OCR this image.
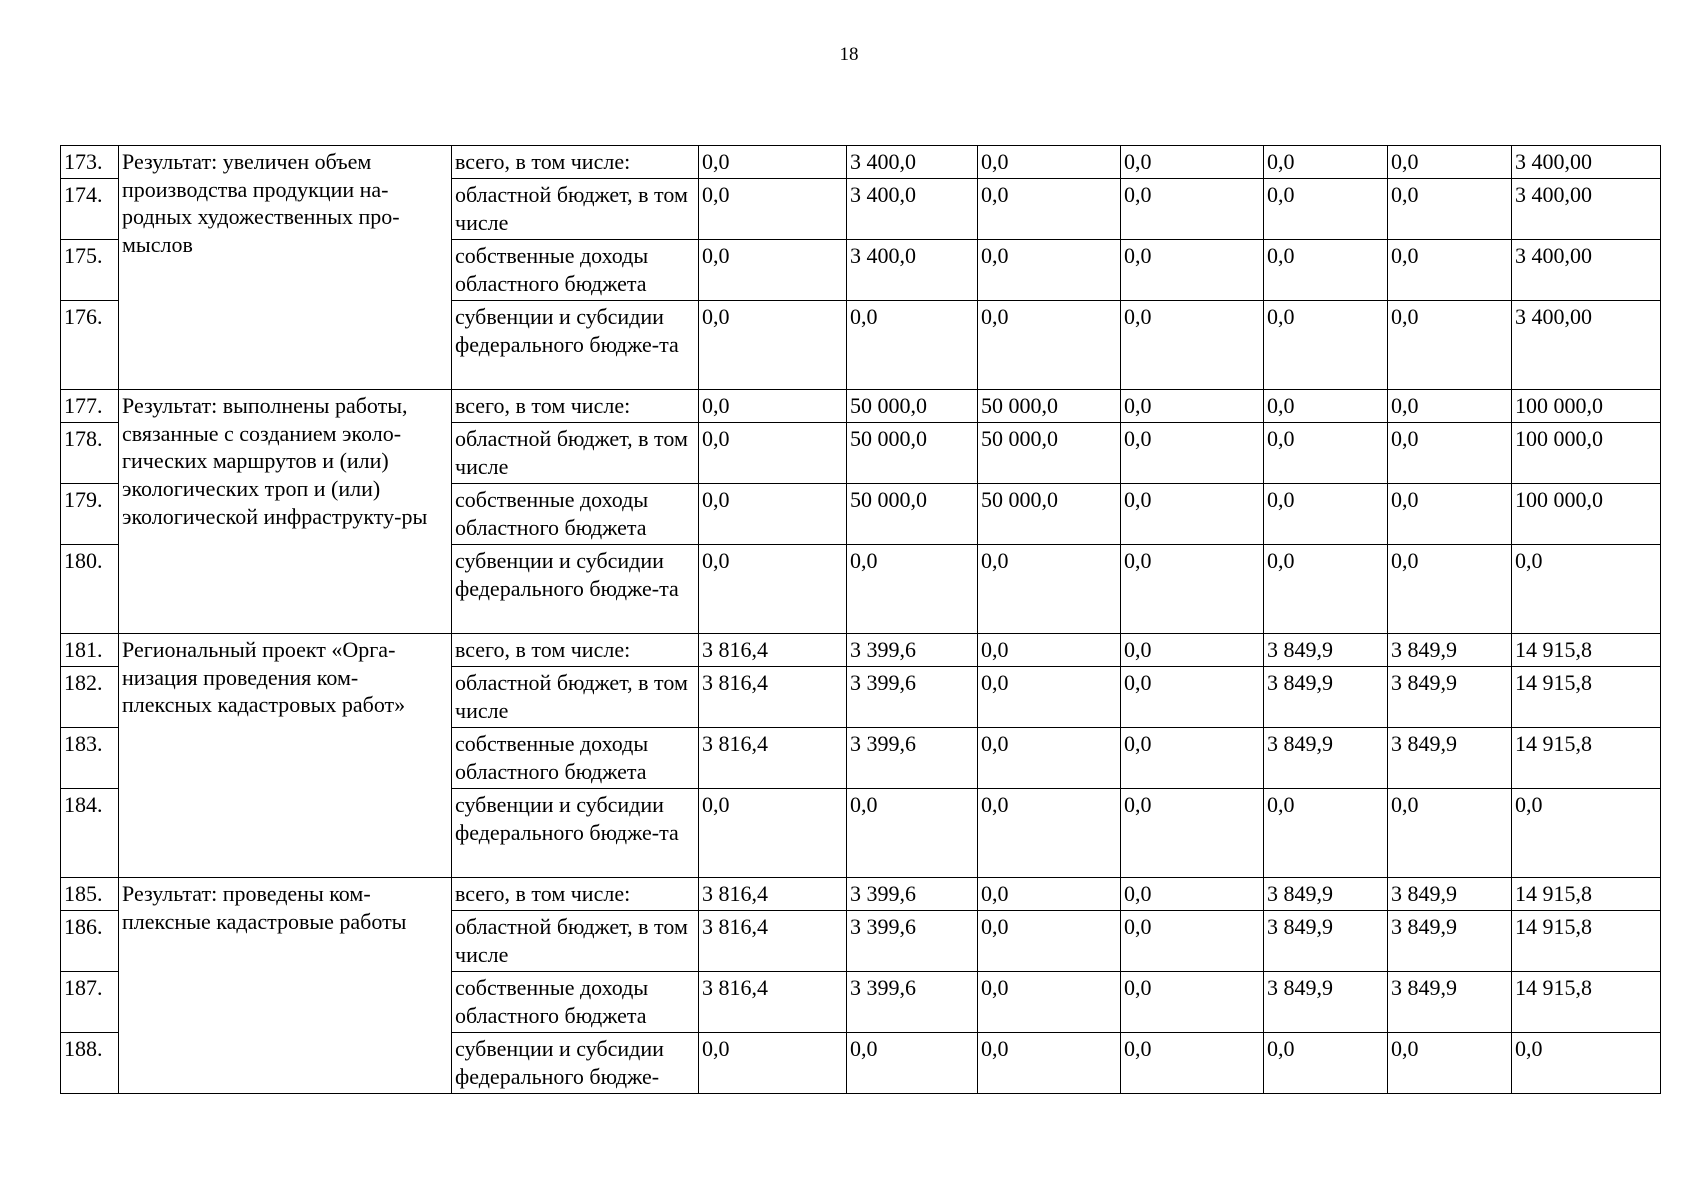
18
173.	Результат: увеличен объем производства продукции на-родных художественных про-мыслов	всего, в том числе:	0,0	3 400,0	0,0	0,0	0,0	0,0	3 400,00
174.		областной бюджет, в том числе	0,0	3 400,0	0,0	0,0	0,0	0,0	3 400,00
175.		собственные доходы областного бюджета	0,0	3 400,0	0,0	0,0	0,0	0,0	3 400,00
176.		субвенции и субсидии федерального бюдже-та	0,0	0,0	0,0	0,0	0,0	0,0	3 400,00
177.	Результат: выполнены работы, связанные с созданием эколо-гических маршрутов и (или) экологических троп и (или) экологической инфраструкту-ры	всего, в том числе:	0,0	50 000,0	50 000,0	0,0	0,0	0,0	100 000,0
178.		областной бюджет, в том числе	0,0	50 000,0	50 000,0	0,0	0,0	0,0	100 000,0
179.		собственные доходы областного бюджета	0,0	50 000,0	50 000,0	0,0	0,0	0,0	100 000,0
180.		субвенции и субсидии федерального бюдже-та	0,0	0,0	0,0	0,0	0,0	0,0	0,0
181.	Региональный проект «Орга-низация проведения ком-плексных кадастровых работ»	всего, в том числе:	3 816,4	3 399,6	0,0	0,0	3 849,9	3 849,9	14 915,8
182.		областной бюджет, в том числе	3 816,4	3 399,6	0,0	0,0	3 849,9	3 849,9	14 915,8
183.		собственные доходы областного бюджета	3 816,4	3 399,6	0,0	0,0	3 849,9	3 849,9	14 915,8
184.		субвенции и субсидии федерального бюдже-та	0,0	0,0	0,0	0,0	0,0	0,0	0,0
185.	Результат: проведены ком-плексные кадастровые работы	всего, в том числе:	3 816,4	3 399,6	0,0	0,0	3 849,9	3 849,9	14 915,8
186.		областной бюджет, в том числе	3 816,4	3 399,6	0,0	0,0	3 849,9	3 849,9	14 915,8
187.		собственные доходы областного бюджета	3 816,4	3 399,6	0,0	0,0	3 849,9	3 849,9	14 915,8
188.		субвенции и субсидии федерального бюдже-	0,0	0,0	0,0	0,0	0,0	0,0	0,0
